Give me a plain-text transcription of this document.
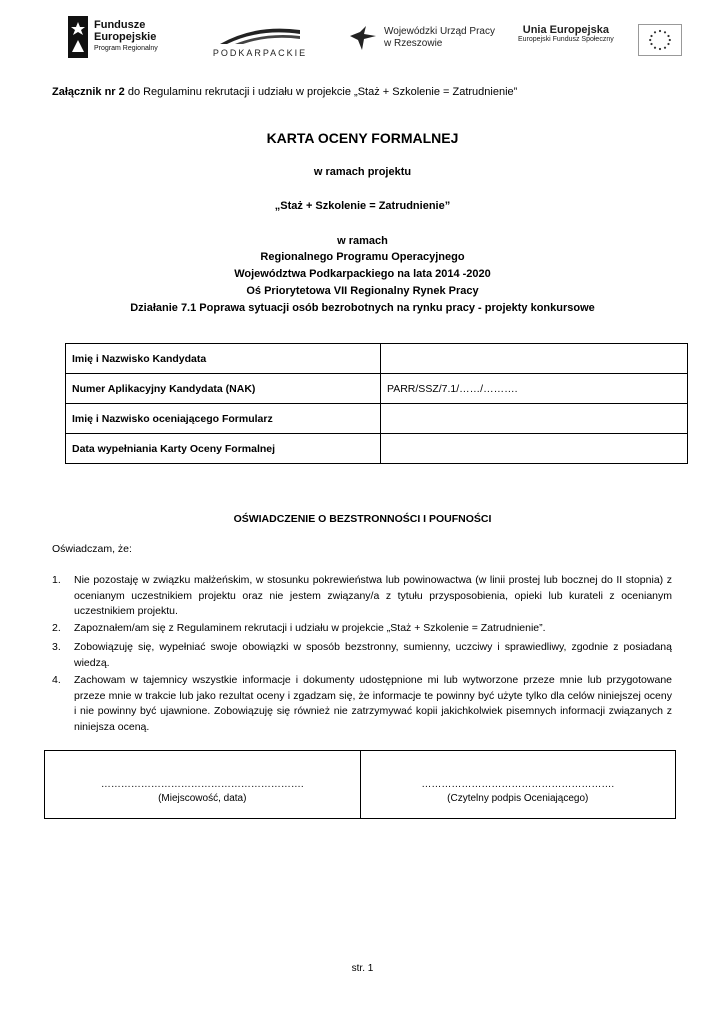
Fundusze
Europejskie
Program Regionalny	PODKARPACKIE
Wojewódzki Urząd Pracy
w Rzeszowie
Unia Europejska
Europejski Fundusz Społeczny
Załącznik nr 2 do Regulaminu rekrutacji i udziału w projekcie „Staż + Szkolenie = Zatrudnienie”
KARTA OCENY FORMALNEJ
w ramach projektu
„Staż + Szkolenie = Zatrudnienie”
w ramach
Regionalnego Programu Operacyjnego
Województwa Podkarpackiego na lata 2014 -2020
Oś Priorytetowa VII Regionalny Rynek Pracy
Działanie 7.1 Poprawa sytuacji osób bezrobotnych na rynku pracy - projekty konkursowe
Imię i Nazwisko Kandydata	
Numer Aplikacyjny Kandydata (NAK)	PARR/SSZ/7.1/……/……….
Imię i Nazwisko oceniającego Formularz	
Data wypełniania Karty Oceny Formalnej	
OŚWIADCZENIE O BEZSTRONNOŚCI I POUFNOŚCI
Oświadczam, że:
1. Nie pozostaję w związku małżeńskim, w stosunku pokrewieństwa lub powinowactwa (w linii prostej lub bocznej do II stopnia) z ocenianym uczestnikiem projektu oraz nie jestem związany/a z tytułu przysposobienia, opieki lub kurateli z ocenianym uczestnikiem projektu.
2. Zapoznałem/am się z Regulaminem rekrutacji i udziału w projekcie „Staż + Szkolenie = Zatrudnienie”.
3. Zobowiązuję się, wypełniać swoje obowiązki w sposób bezstronny, sumienny, uczciwy i sprawiedliwy, zgodnie z posiadaną wiedzą.
4. Zachowam w tajemnicy wszystkie informacje i dokumenty udostępnione mi lub wytworzone przeze mnie lub przygotowane przeze mnie w trakcie lub jako rezultat oceny i zgadzam się, że informacje te powinny być użyte tylko dla celów niniejszej oceny i nie powinny być ujawnione. Zobowiązuję się również nie zatrzymywać kopii jakichkolwiek pisemnych informacji związanych z niniejsza oceną.
…………………………………………………….
(Miejscowość, data)
………………………………………………….
(Czytelny podpis Oceniającego)
str. 1
